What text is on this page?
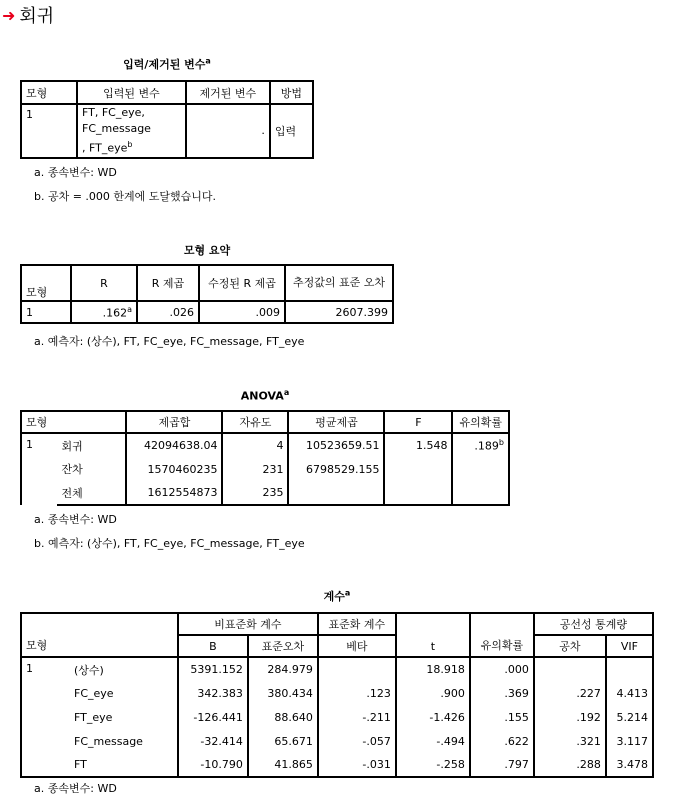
➜ 회귀
입력/제거된 변수$^a$
모형	입력된 변수	제거된 변수	방법
1	FT, FC_eye,
FC_message
, FT_eye$^b$	.	입력
a. 종속변수: WD
b. 공차 = .000 한계에 도달했습니다.
모형 요약
모형	R	R 제곱	수정된 R 제곱	추정값의 표준 오차
1	.162$^a$	.026	.009	2607.399
a. 예측자: (상수), FT, FC_eye, FC_message, FT_eye
ANOVA$^a$
모형		제곱합	자유도	평균제곱	F	유의확률
1	회귀	42094638.04	4	10523659.51	1.548	.189$^b$
	잔차	1570460235	231	6798529.155		
	전체	1612554873	235			
a. 종속변수: WD
b. 예측자: (상수), FT, FC_eye, FC_message, FT_eye
계수$^a$
모형		비표준화 계수		표준화 계수	t	유의확률	공선성 통계량	
		B	표준오차	베타			공차	VIF
1	(상수)	5391.152	284.979		18.918	.000		
	FC_eye	342.383	380.434	.123	.900	.369	.227	4.413
	FT_eye	-126.441	88.640	-.211	-1.426	.155	.192	5.214
	FC_message	-32.414	65.671	-.057	-.494	.622	.321	3.117
	FT	-10.790	41.865	-.031	-.258	.797	.288	3.478
a. 종속변수: WD
